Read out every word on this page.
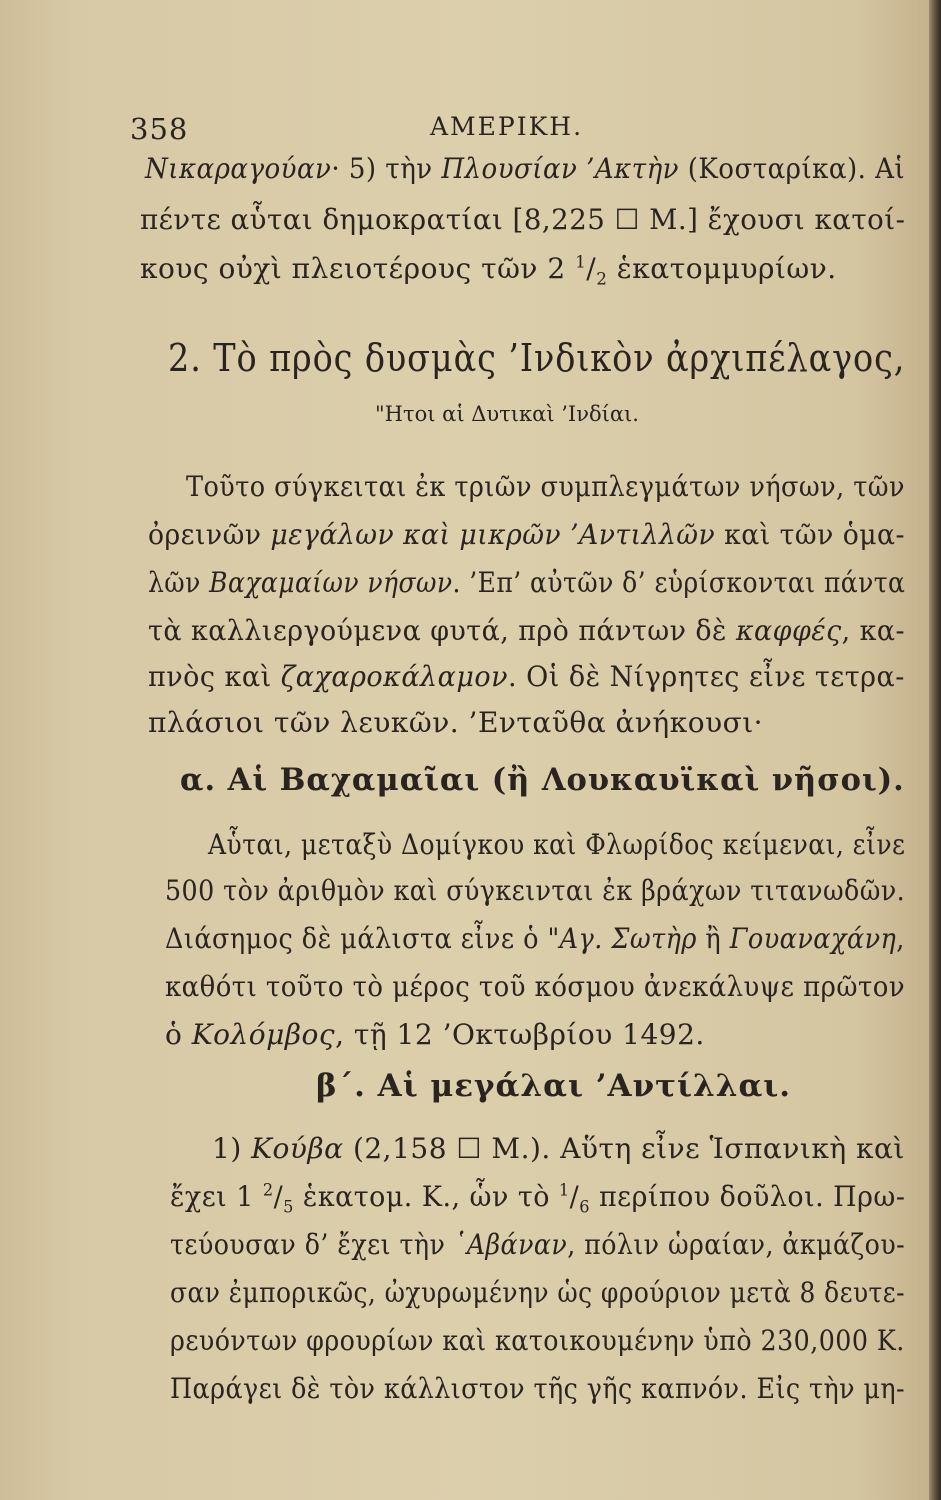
358	ΑΜΕΡΙΚΗ.
Νικαραγούαν· 5) τὴν Πλουσίαν ’Ακτὴν (Κοσταρίκα). Αἱ
πέντε αὗται δημοκρατίαι [8,225 ☐ Μ.] ἔχουσι κατοί-
κους οὐχὶ πλειοτέρους τῶν 2 $^1/_2$ ἑκατομμυρίων.
2. Τὸ πρὸς δυσμὰς ’Ινδικὸν ἀρχιπέλαγος,
"Ητοι αἱ Δυτικαὶ ’Ινδίαι.
Τοῦτο σύγκειται ἐκ τριῶν συμπλεγμάτων νήσων, τῶν
ὀρεινῶν μεγάλων καὶ μικρῶν ’Αντιλλῶν καὶ τῶν ὁμα-
λῶν Βαχαμαίων νήσων. ’Επ’ αὐτῶν δ’ εὑρίσκονται πάντα
τὰ καλλιεργούμενα φυτά, πρὸ πάντων δὲ καφφές, κα-
πνὸς καὶ ζαχαροκάλαμον. Οἱ δὲ Νίγρητες εἶνε τετρα-
πλάσιοι τῶν λευκῶν. ’Ενταῦθα ἀνήκουσι·
α. Αἱ Βαχαμαῖαι (ἢ Λουκαυϊκαὶ νῆσοι).
Αὗται, μεταξὺ Δομίγκου καὶ Φλωρίδος κείμεναι, εἶνε
500 τὸν ἀριθμὸν καὶ σύγκεινται ἐκ βράχων τιτανωδῶν.
Διάσημος δὲ μάλιστα εἶνε ὁ "Αγ. Σωτὴρ ἢ Γουαναχάνη,
καθότι τοῦτο τὸ μέρος τοῦ κόσμου ἀνεκάλυψε πρῶτον
ὁ Κολόμβος, τῇ 12 ’Οκτωβρίου 1492.
β΄. Αἱ μεγάλαι ’Αντίλλαι.
1) Κούβα (2,158 ☐ Μ.). Αὕτη εἶνε Ἱσπανικὴ καὶ
ἔχει 1 $^2/_5$ ἑκατομ. Κ., ὧν τὸ $^1/_6$ περίπου δοῦλοι. Πρω-
τεύουσαν δ’ ἔχει τὴν ῾Αβάναν, πόλιν ὡραίαν, ἀκμάζου-
σαν ἐμπορικῶς, ὠχυρωμένην ὡς φρούριον μετὰ 8 δευτε-
ρευόντων φρουρίων καὶ κατοικουμένην ὑπὸ 230,000 Κ.
Παράγει δὲ τὸν κάλλιστον τῆς γῆς καπνόν. Εἰς τὴν μη-
